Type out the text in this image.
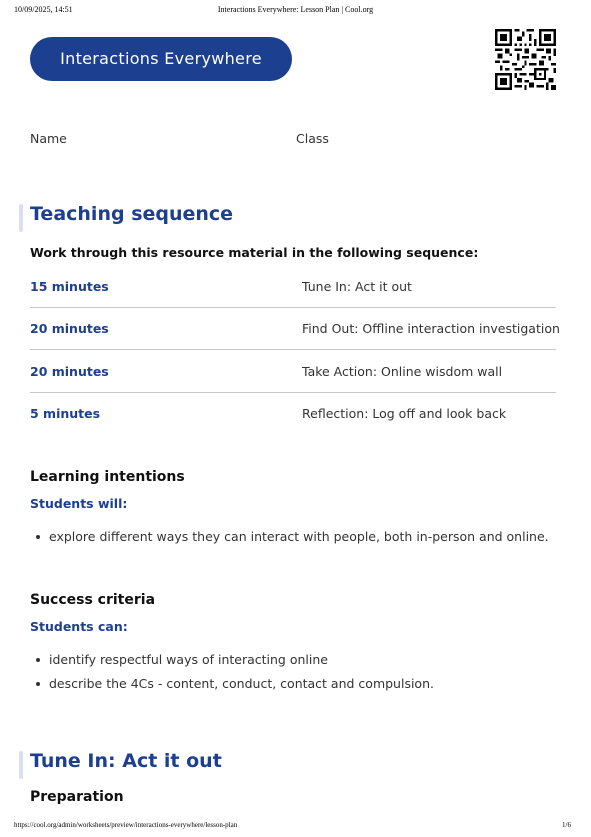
10/09/2025, 14:51	Interactions Everywhere: Lesson Plan | Cool.org
Interactions Everywhere
Name	Class
Teaching sequence
Work through this resource material in the following sequence:
15 minutes	Tune In: Act it out
20 minutes	Find Out: Offline interaction investigation
20 minutes	Take Action: Online wisdom wall
5 minutes	Reflection: Log off and look back
Learning intentions
Students will:
explore different ways they can interact with people, both in-person and online.
Success criteria
Students can:
identify respectful ways of interacting online
describe the 4Cs - content, conduct, contact and compulsion.
Tune In: Act it out
Preparation
https://cool.org/admin/worksheets/preview/interactions-everywhere/lesson-plan	1/6
